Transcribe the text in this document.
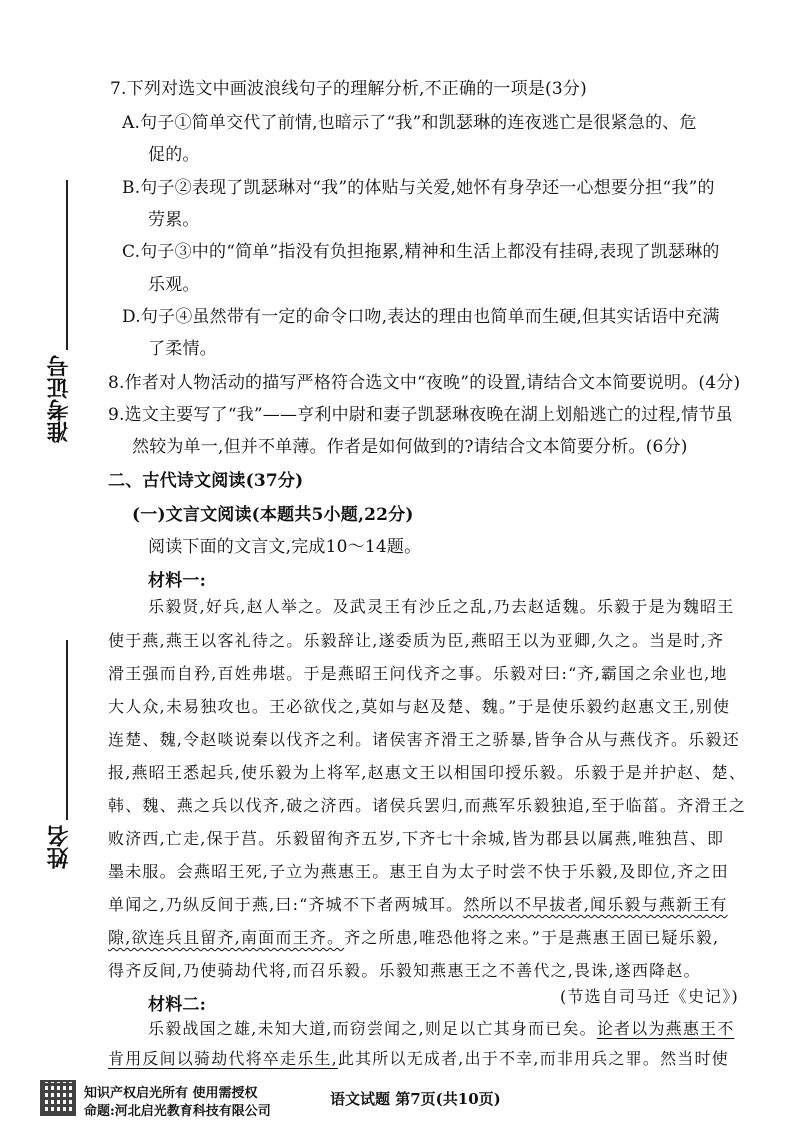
准考证号
姓名
7.下列对选文中画波浪线句子的理解分析,不正确的一项是(3分)
A.句子①简单交代了前情,也暗示了“我”和凯瑟琳的连夜逃亡是很紧急的、危
促的。
B.句子②表现了凯瑟琳对“我”的体贴与关爱,她怀有身孕还一心想要分担“我”的
劳累。
C.句子③中的“简单”指没有负担拖累,精神和生活上都没有挂碍,表现了凯瑟琳的
乐观。
D.句子④虽然带有一定的命令口吻,表达的理由也简单而生硬,但其实话语中充满
了柔情。
8.作者对人物活动的描写严格符合选文中“夜晚”的设置,请结合文本简要说明。(4分)
9.选文主要写了“我”——亨利中尉和妻子凯瑟琳夜晚在湖上划船逃亡的过程,情节虽
然较为单一,但并不单薄。作者是如何做到的?请结合文本简要分析。(6分)
二、古代诗文阅读(37分)
(一)文言文阅读(本题共5小题,22分)
阅读下面的文言文,完成10～14题。
材料一:
乐毅贤,好兵,赵人举之。及武灵王有沙丘之乱,乃去赵适魏。乐毅于是为魏昭王
使于燕,燕王以客礼待之。乐毅辞让,遂委质为臣,燕昭王以为亚卿,久之。当是时,齐
滑王强而自矜,百姓弗堪。于是燕昭王问伐齐之事。乐毅对曰:“齐,霸国之余业也,地
大人众,未易独攻也。王必欲伐之,莫如与赵及楚、魏。”于是使乐毅约赵惠文王,别使
连楚、魏,令赵啖说秦以伐齐之利。诸侯害齐滑王之骄暴,皆争合从与燕伐齐。乐毅还
报,燕昭王悉起兵,使乐毅为上将军,赵惠文王以相国印授乐毅。乐毅于是并护赵、楚、
韩、魏、燕之兵以伐齐,破之济西。诸侯兵罢归,而燕军乐毅独追,至于临菑。齐滑王之
败济西,亡走,保于莒。乐毅留徇齐五岁,下齐七十余城,皆为郡县以属燕,唯独莒、即
墨未服。会燕昭王死,子立为燕惠王。惠王自为太子时尝不快于乐毅,及即位,齐之田
单闻之,乃纵反间于燕,曰:“齐城不下者两城耳。然所以不早拔者,闻乐毅与燕新王有
隙,欲连兵且留齐,南面而王齐。齐之所患,唯恐他将之来。”于是燕惠王固已疑乐毅,
得齐反间,乃使骑劫代将,而召乐毅。乐毅知燕惠王之不善代之,畏诛,遂西降赵。
(节选自司马迁《史记》)
材料二:
知识产权启光所有 使用需授权
命题:河北启光教育科技有限公司
语文试题 第7页(共10页)
乐毅战国之雄,未知大道,而窃尝闻之,则足以亡其身而已矣。论者以为燕惠王不
肯用反间以骑劫代将卒走乐生,此其所以无成者,出于不幸,而非用兵之罪。然当时使
